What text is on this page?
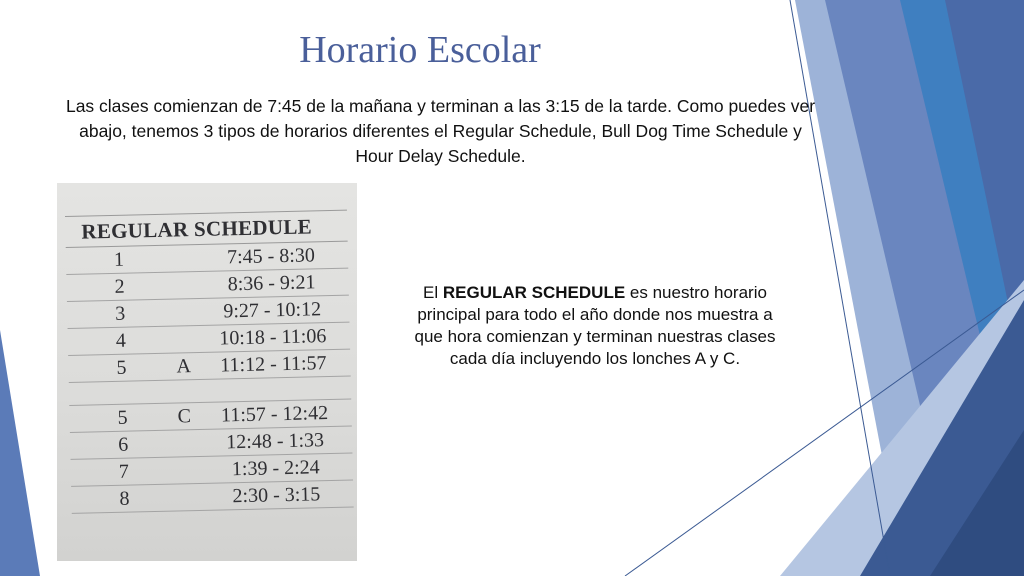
Horario Escolar
Las clases comienzan de 7:45 de la mañana y terminan a las 3:15 de la tarde. Como puedes ver abajo, tenemos 3 tipos de horarios diferentes el Regular Schedule, Bull Dog Time Schedule y Hour Delay Schedule.
REGULAR SCHEDULE
1	7:45 - 8:30
2	8:36 - 9:21
3	9:27 - 10:12
4	10:18 - 11:06
5 A	11:12 - 11:57
5 C	11:57 - 12:42
6	12:48 - 1:33
7	1:39 - 2:24
8	2:30 - 3:15
El REGULAR SCHEDULE es nuestro horario principal para todo el año donde nos muestra a que hora comienzan y terminan nuestras clases cada día incluyendo los lonches A y C.
